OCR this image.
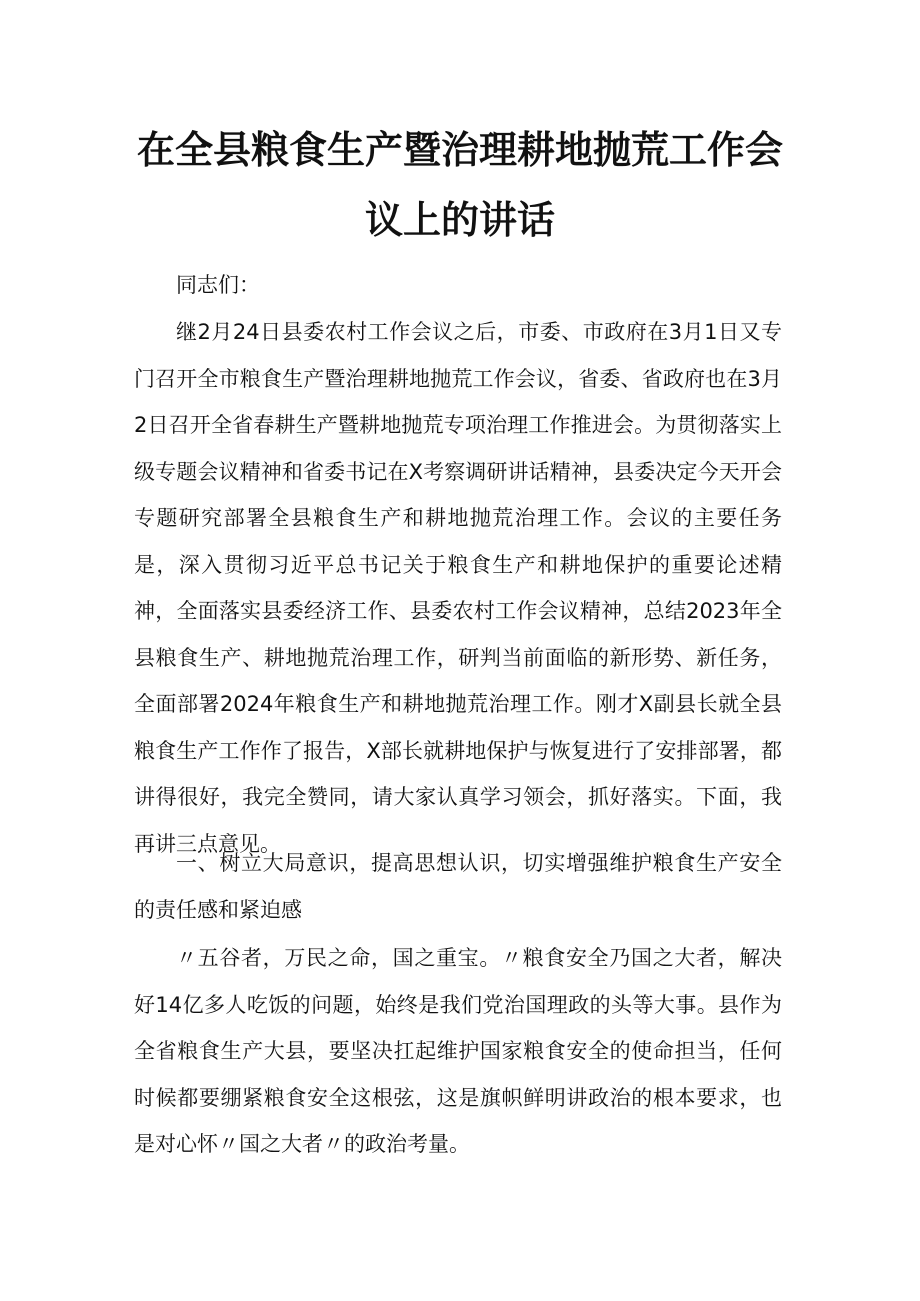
在全县粮食生产暨治理耕地抛荒工作会
议上的讲话

同志们：

继2月24日县委农村工作会议之后，市委、市政府在3月1日又专门召开全市粮食生产暨治理耕地抛荒工作会议，省委、省政府也在3月2日召开全省春耕生产暨耕地抛荒专项治理工作推进会。为贯彻落实上级专题会议精神和省委书记在X考察调研讲话精神，县委决定今天开会专题研究部署全县粮食生产和耕地抛荒治理工作。会议的主要任务是，深入贯彻习近平总书记关于粮食生产和耕地保护的重要论述精神，全面落实县委经济工作、县委农村工作会议精神，总结2023年全县粮食生产、耕地抛荒治理工作，研判当前面临的新形势、新任务，全面部署2024年粮食生产和耕地抛荒治理工作。刚才X副县长就全县粮食生产工作作了报告，X部长就耕地保护与恢复进行了安排部署，都讲得很好，我完全赞同，请大家认真学习领会，抓好落实。下面，我再讲三点意见。

一、树立大局意识，提高思想认识，切实增强维护粮食生产安全的责任感和紧迫感

〃五谷者，万民之命，国之重宝。〃粮食安全乃国之大者，解决好14亿多人吃饭的问题，始终是我们党治国理政的头等大事。县作为全省粮食生产大县，要坚决扛起维护国家粮食安全的使命担当，任何时候都要绷紧粮食安全这根弦，这是旗帜鲜明讲政治的根本要求，也是对心怀〃国之大者〃的政治考量。
